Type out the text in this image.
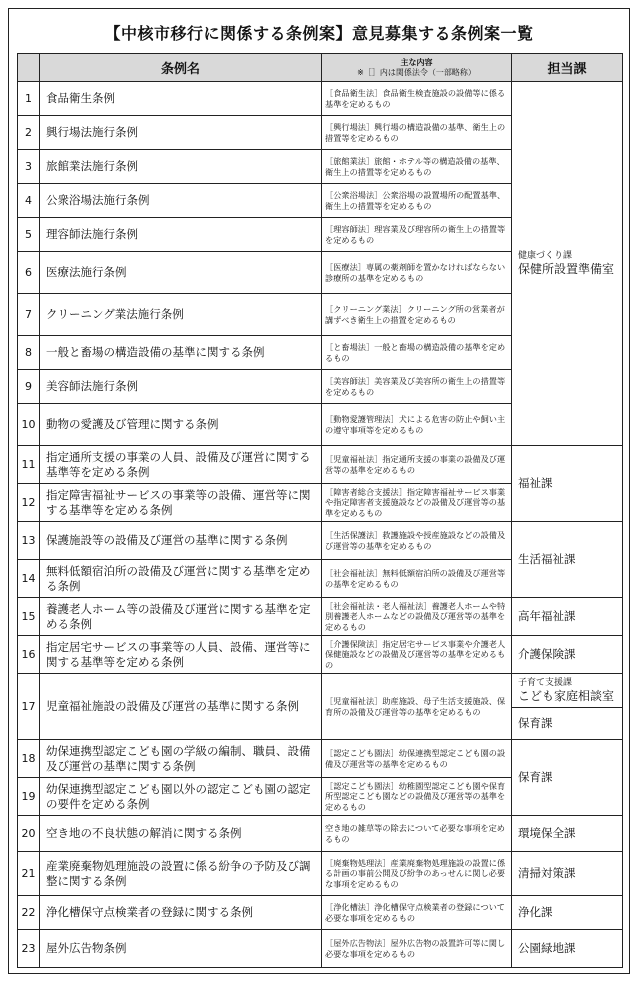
【中核市移行に関係する条例案】意見募集する条例案一覧
	条例名	主な内容
※［］内は関係法令（一部略称）	担当課
1	食品衛生条例	［食品衛生法］食品衛生検査施設の設備等に係る基準を定めるもの	健康づくり課
保健所設置準備室

2	興行場法施行条例	［興行場法］興行場の構造設備の基準、衛生上の措置等を定めるもの	
3	旅館業法施行条例	［旅館業法］旅館・ホテル等の構造設備の基準、衛生上の措置等を定めるもの	
4	公衆浴場法施行条例	［公衆浴場法］公衆浴場の設置場所の配置基準、衛生上の措置等を定めるもの	
5	理容師法施行条例	［理容師法］理容業及び理容所の衛生上の措置等を定めるもの	
6	医療法施行条例	［医療法］専属の薬剤師を置かなければならない診療所の基準を定めるもの	
7	クリーニング業法施行条例	［クリーニング業法］クリーニング所の営業者が講ずべき衛生上の措置を定めるもの	
8	一般と畜場の構造設備の基準に関する条例	［と畜場法］一般と畜場の構造設備の基準を定めるもの	
9	美容師法施行条例	［美容師法］美容業及び美容所の衛生上の措置等を定めるもの	
10	動物の愛護及び管理に関する条例	［動物愛護管理法］犬による危害の防止や飼い主の遵守事項等を定めるもの	
11	指定通所支援の事業の人員、設備及び運営に関する基準等を定める条例	［児童福祉法］指定通所支援の事業の設備及び運営等の基準を定めるもの	福祉課
12	指定障害福祉サービスの事業等の設備、運営等に関する基準等を定める条例	［障害者総合支援法］指定障害福祉サービス事業や指定障害者支援施設などの設備及び運営等の基準を定めるもの	
13	保護施設等の設備及び運営の基準に関する条例	［生活保護法］救護施設や授産施設などの設備及び運営等の基準を定めるもの	生活福祉課
14	無料低額宿泊所の設備及び運営に関する基準を定める条例	［社会福祉法］無料低額宿泊所の設備及び運営等の基準を定めるもの	
15	養護老人ホーム等の設備及び運営に関する基準を定める条例	［社会福祉法・老人福祉法］養護老人ホームや特別養護老人ホームなどの設備及び運営等の基準を定めるもの	高年福祉課
16	指定居宅サービスの事業等の人員、設備、運営等に関する基準等を定める条例	［介護保険法］指定居宅サービス事業や介護老人保健施設などの設備及び運営等の基準を定めるもの	介護保険課
17	児童福祉施設の設備及び運営の基準に関する条例	［児童福祉法］助産施設、母子生活支援施設、保育所の設備及び運営等の基準を定めるもの	子育て支援課
こども家庭相談室

			保育課
18	幼保連携型認定こども園の学級の編制、職員、設備及び運営の基準に関する条例	［認定こども園法］幼保連携型認定こども園の設備及び運営等の基準を定めるもの	保育課
19	幼保連携型認定こども園以外の認定こども園の認定の要件を定める条例	［認定こども園法］幼稚園型認定こども園や保育所型認定こども園などの設備及び運営等の基準を定めるもの	
20	空き地の不良状態の解消に関する条例	空き地の雑草等の除去について必要な事項を定めるもの	環境保全課
21	産業廃棄物処理施設の設置に係る紛争の予防及び調整に関する条例	［廃棄物処理法］産業廃棄物処理施設の設置に係る計画の事前公開及び紛争のあっせんに関し必要な事項を定めるもの	清掃対策課
22	浄化槽保守点検業者の登録に関する条例	［浄化槽法］浄化槽保守点検業者の登録について必要な事項を定めるもの	浄化課
23	屋外広告物条例	［屋外広告物法］屋外広告物の設置許可等に関し必要な事項を定めるもの	公園緑地課
